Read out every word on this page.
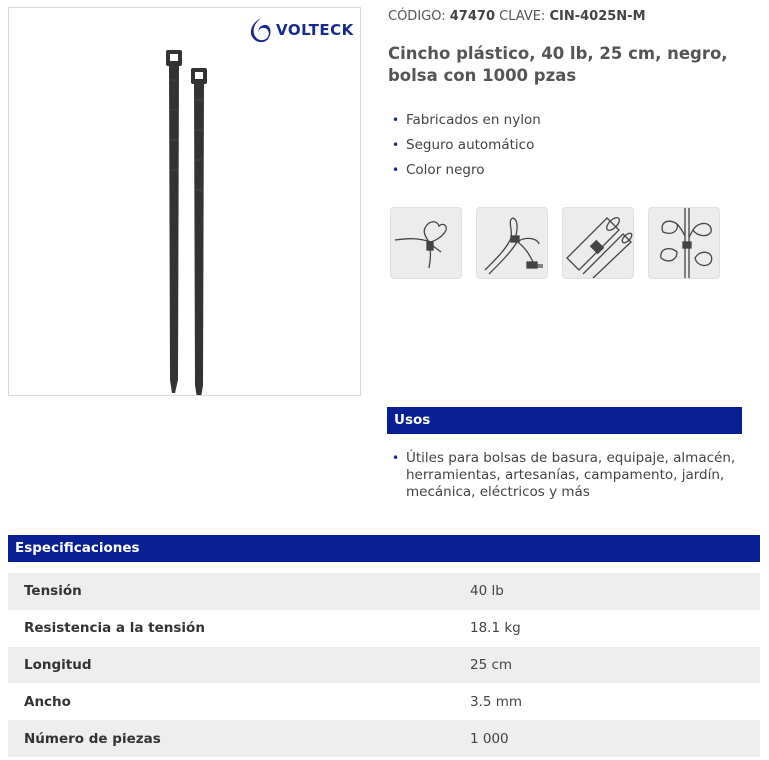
VOLTECK
CÓDIGO: 47470 CLAVE: CIN-4025N-M
Cincho plástico, 40 lb, 25 cm, negro, bolsa con 1000 pzas
• Fabricados en nylon
• Seguro automático
• Color negro
Usos

• Útiles para bolsas de basura, equipaje, almacén, herramientas, artesanías, campamento, jardín, mecánica, eléctricos y más

Especificaciones
Tensión	40 lb
Resistencia a la tensión	18.1 kg
Longitud	25 cm
Ancho	3.5 mm
Número de piezas	1 000
